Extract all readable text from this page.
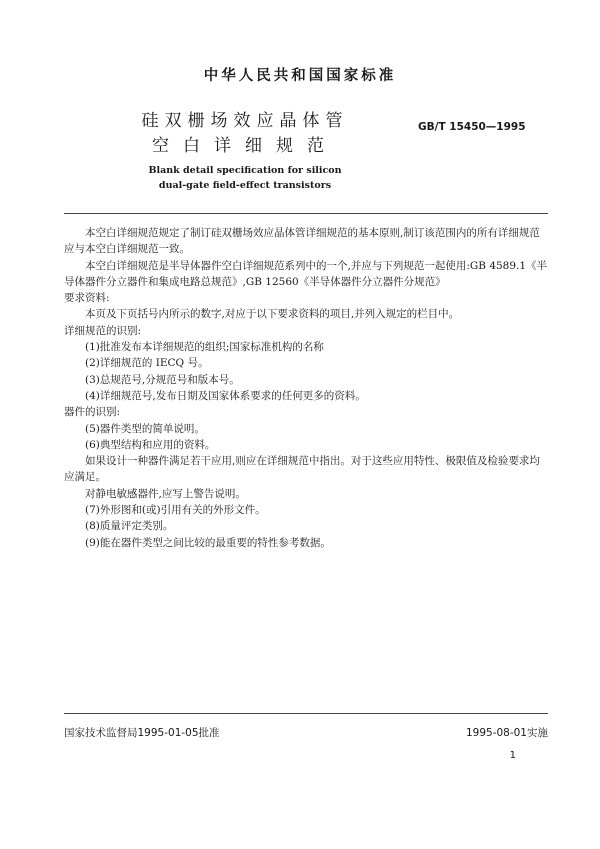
中华人民共和国国家标准
硅双栅场效应晶体管
空白详细规范
GB/T 15450—1995
Blank detail specification for silicon
dual-gate field-effect transistors

本空白详细规范规定了制订硅双栅场效应晶体管详细规范的基本原则,制订该范围内的所有详细规范应与本空白详细规范一致。

本空白详细规范是半导体器件空白详细规范系列中的一个,并应与下列规范一起使用:GB 4589.1《半导体器件分立器件和集成电路总规范》,GB 12560《半导体器件分立器件分规范》

要求资料:

本页及下页括号内所示的数字,对应于以下要求资料的项目,并列入规定的栏目中。

详细规范的识别:

(1)批准发布本详细规范的组织;国家标准机构的名称

(2)详细规范的 IECQ 号。

(3)总规范号,分规范号和版本号。

(4)详细规范号,发布日期及国家体系要求的任何更多的资料。

器件的识别:

(5)器件类型的简单说明。

(6)典型结构和应用的资料。

如果设计一种器件满足若干应用,则应在详细规范中指出。对于这些应用特性、极限值及检验要求均应满足。

对静电敏感器件,应写上警告说明。

(7)外形图和(或)引用有关的外形文件。

(8)质量评定类别。

(9)能在器件类型之间比较的最重要的特性参考数据。

国家技术监督局1995-01-05批准	1995-08-01实施
1
